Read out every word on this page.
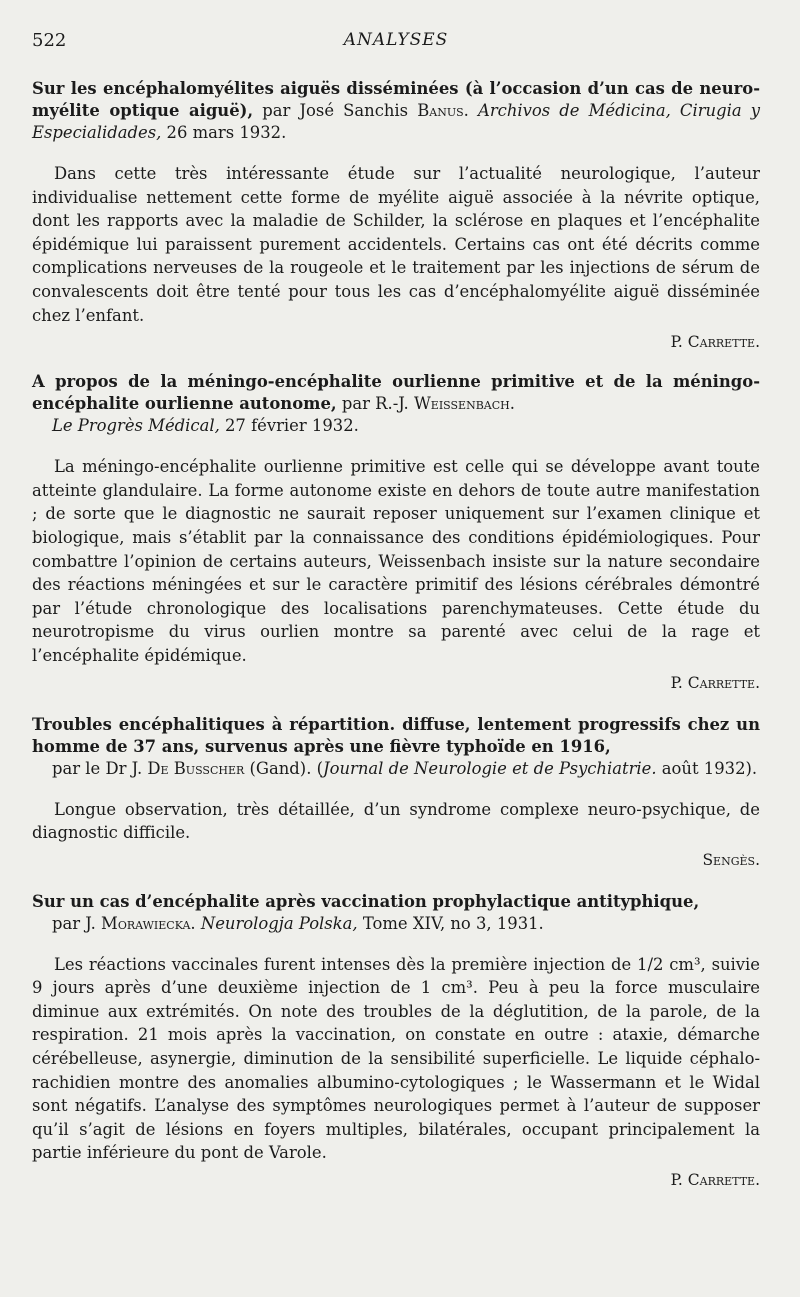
522	ANALYSES

Sur les encéphalomyélites aiguës disséminées (à l’occasion d’un cas de neuro-myélite optique aiguë), par José Sanchis Banus. Archivos de Médicina, Cirugia y Especialidades, 26 mars 1932.

Dans cette très intéressante étude sur l’actualité neurologique, l’auteur individualise nettement cette forme de myélite aiguë associée à la névrite optique, dont les rapports avec la maladie de Schilder, la sclérose en plaques et l’encéphalite épidémique lui paraissent purement accidentels. Certains cas ont été décrits comme complications nerveuses de la rougeole et le traitement par les injections de sérum de convalescents doit être tenté pour tous les cas d’encéphalomyélite aiguë disséminée chez l’enfant.

P. Carrette.

A propos de la méningo-encéphalite ourlienne primitive et de la méningo-encéphalite ourlienne autonome, par R.-J. Weissenbach.

Le Progrès Médical, 27 février 1932.

La méningo-encéphalite ourlienne primitive est celle qui se développe avant toute atteinte glandulaire. La forme autonome existe en dehors de toute autre manifestation ; de sorte que le diagnostic ne saurait reposer uniquement sur l’examen clinique et biologique, mais s’établit par la connaissance des conditions épidémiologiques. Pour combattre l’opinion de certains auteurs, Weissenbach insiste sur la nature secondaire des réactions méningées et sur le caractère primitif des lésions cérébrales démontré par l’étude chronologique des localisations parenchymateuses. Cette étude du neurotropisme du virus ourlien montre sa parenté avec celui de la rage et l’encéphalite épidémique.

P. Carrette.

Troubles encéphalitiques à répartition. diffuse, lentement progressifs chez un homme de 37 ans, survenus après une fièvre typhoïde en 1916,

par le Dr J. De Busscher (Gand). (Journal de Neurologie et de Psychiatrie. août 1932).

Longue observation, très détaillée, d’un syndrome complexe neuro-psychique, de diagnostic difficile.

Sengès.

Sur un cas d’encéphalite après vaccination prophylactique antityphique,

par J. Morawiecka. Neurologja Polska, Tome XIV, no 3, 1931.

Les réactions vaccinales furent intenses dès la première injection de 1/2 cm³, suivie 9 jours après d’une deuxième injection de 1 cm³. Peu à peu la force musculaire diminue aux extrémités. On note des troubles de la déglutition, de la parole, de la respiration. 21 mois après la vaccination, on constate en outre : ataxie, démarche cérébelleuse, asynergie, diminution de la sensibilité superficielle. Le liquide céphalo-rachidien montre des anomalies albumino-cytologiques ; le Wassermann et le Widal sont négatifs. L’analyse des symptômes neurologiques permet à l’auteur de supposer qu’il s’agit de lésions en foyers multiples, bilatérales, occupant principalement la partie inférieure du pont de Varole.

P. Carrette.
